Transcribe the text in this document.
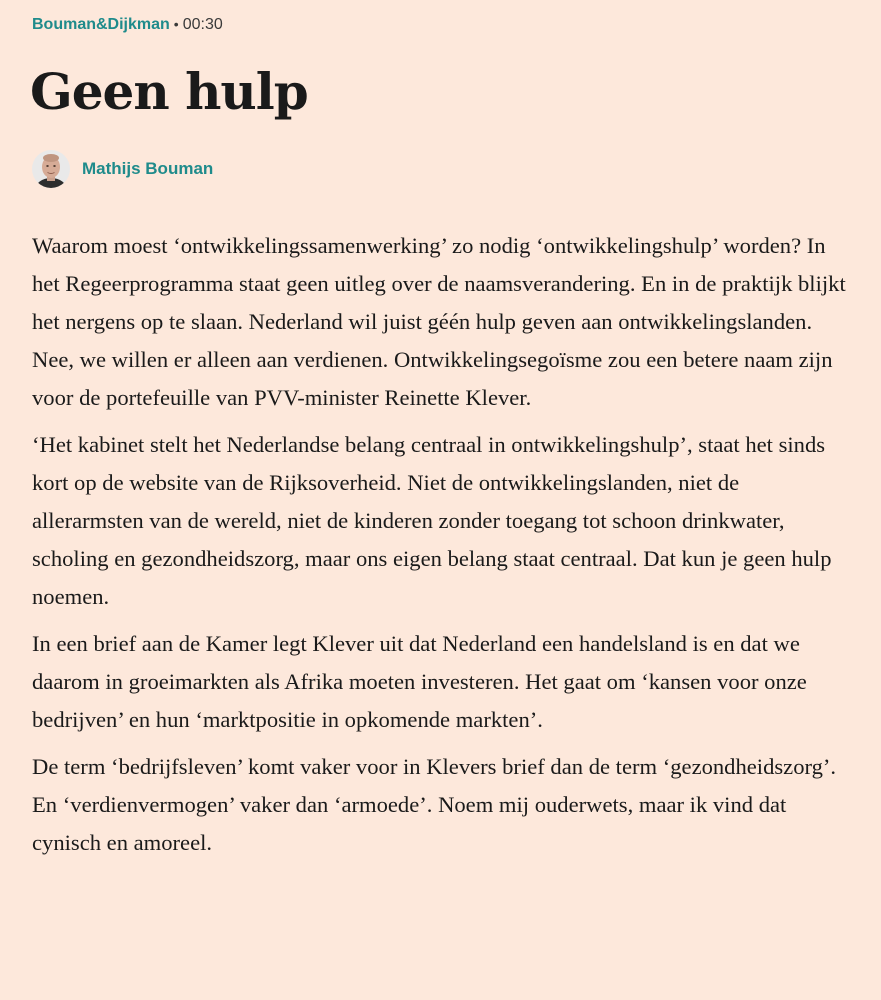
Bouman&Dijkman • 00:30
Geen hulp
Mathijs Bouman

Waarom moest ‘ontwikkelingssamenwerking’ zo nodig ‘ontwikkelingshulp’ worden? In het Regeerprogramma staat geen uitleg over de naamsverandering. En in de praktijk blijkt het nergens op te slaan. Nederland wil juist géén hulp geven aan ontwikkelingslanden. Nee, we willen er alleen aan verdienen. Ontwikkelingsegoïsme zou een betere naam zijn voor de portefeuille van PVV-minister Reinette Klever.

‘Het kabinet stelt het Nederlandse belang centraal in ontwikkelingshulp’, staat het sinds kort op de website van de Rijksoverheid. Niet de ontwikkelingslanden, niet de allerarmsten van de wereld, niet de kinderen zonder toegang tot schoon drinkwater, scholing en gezondheidszorg, maar ons eigen belang staat centraal. Dat kun je geen hulp noemen.

In een brief aan de Kamer legt Klever uit dat Nederland een handelsland is en dat we daarom in groeimarkten als Afrika moeten investeren. Het gaat om ‘kansen voor onze bedrijven’ en hun ‘marktpositie in opkomende markten’.

De term ‘bedrijfsleven’ komt vaker voor in Klevers brief dan de term ‘gezondheidszorg’. En ‘verdienvermogen’ vaker dan ‘armoede’. Noem mij ouderwets, maar ik vind dat cynisch en amoreel.
